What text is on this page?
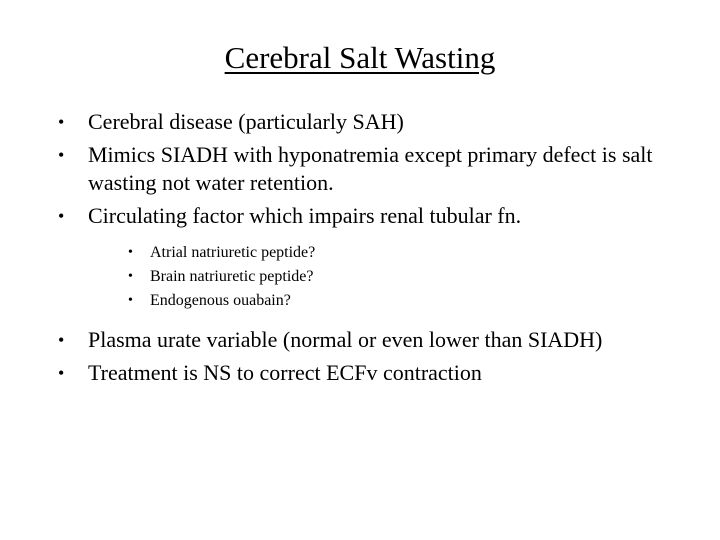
Cerebral Salt Wasting
•	Cerebral disease (particularly SAH)
•	Mimics SIADH with hyponatremia except primary defect is salt wasting not water retention.
•	Circulating factor which impairs renal tubular fn.
•	Atrial natriuretic peptide?
•	Brain natriuretic peptide?
•	Endogenous ouabain?
•	Plasma urate variable (normal or even lower than SIADH)
•	Treatment is NS to correct ECFv contraction
